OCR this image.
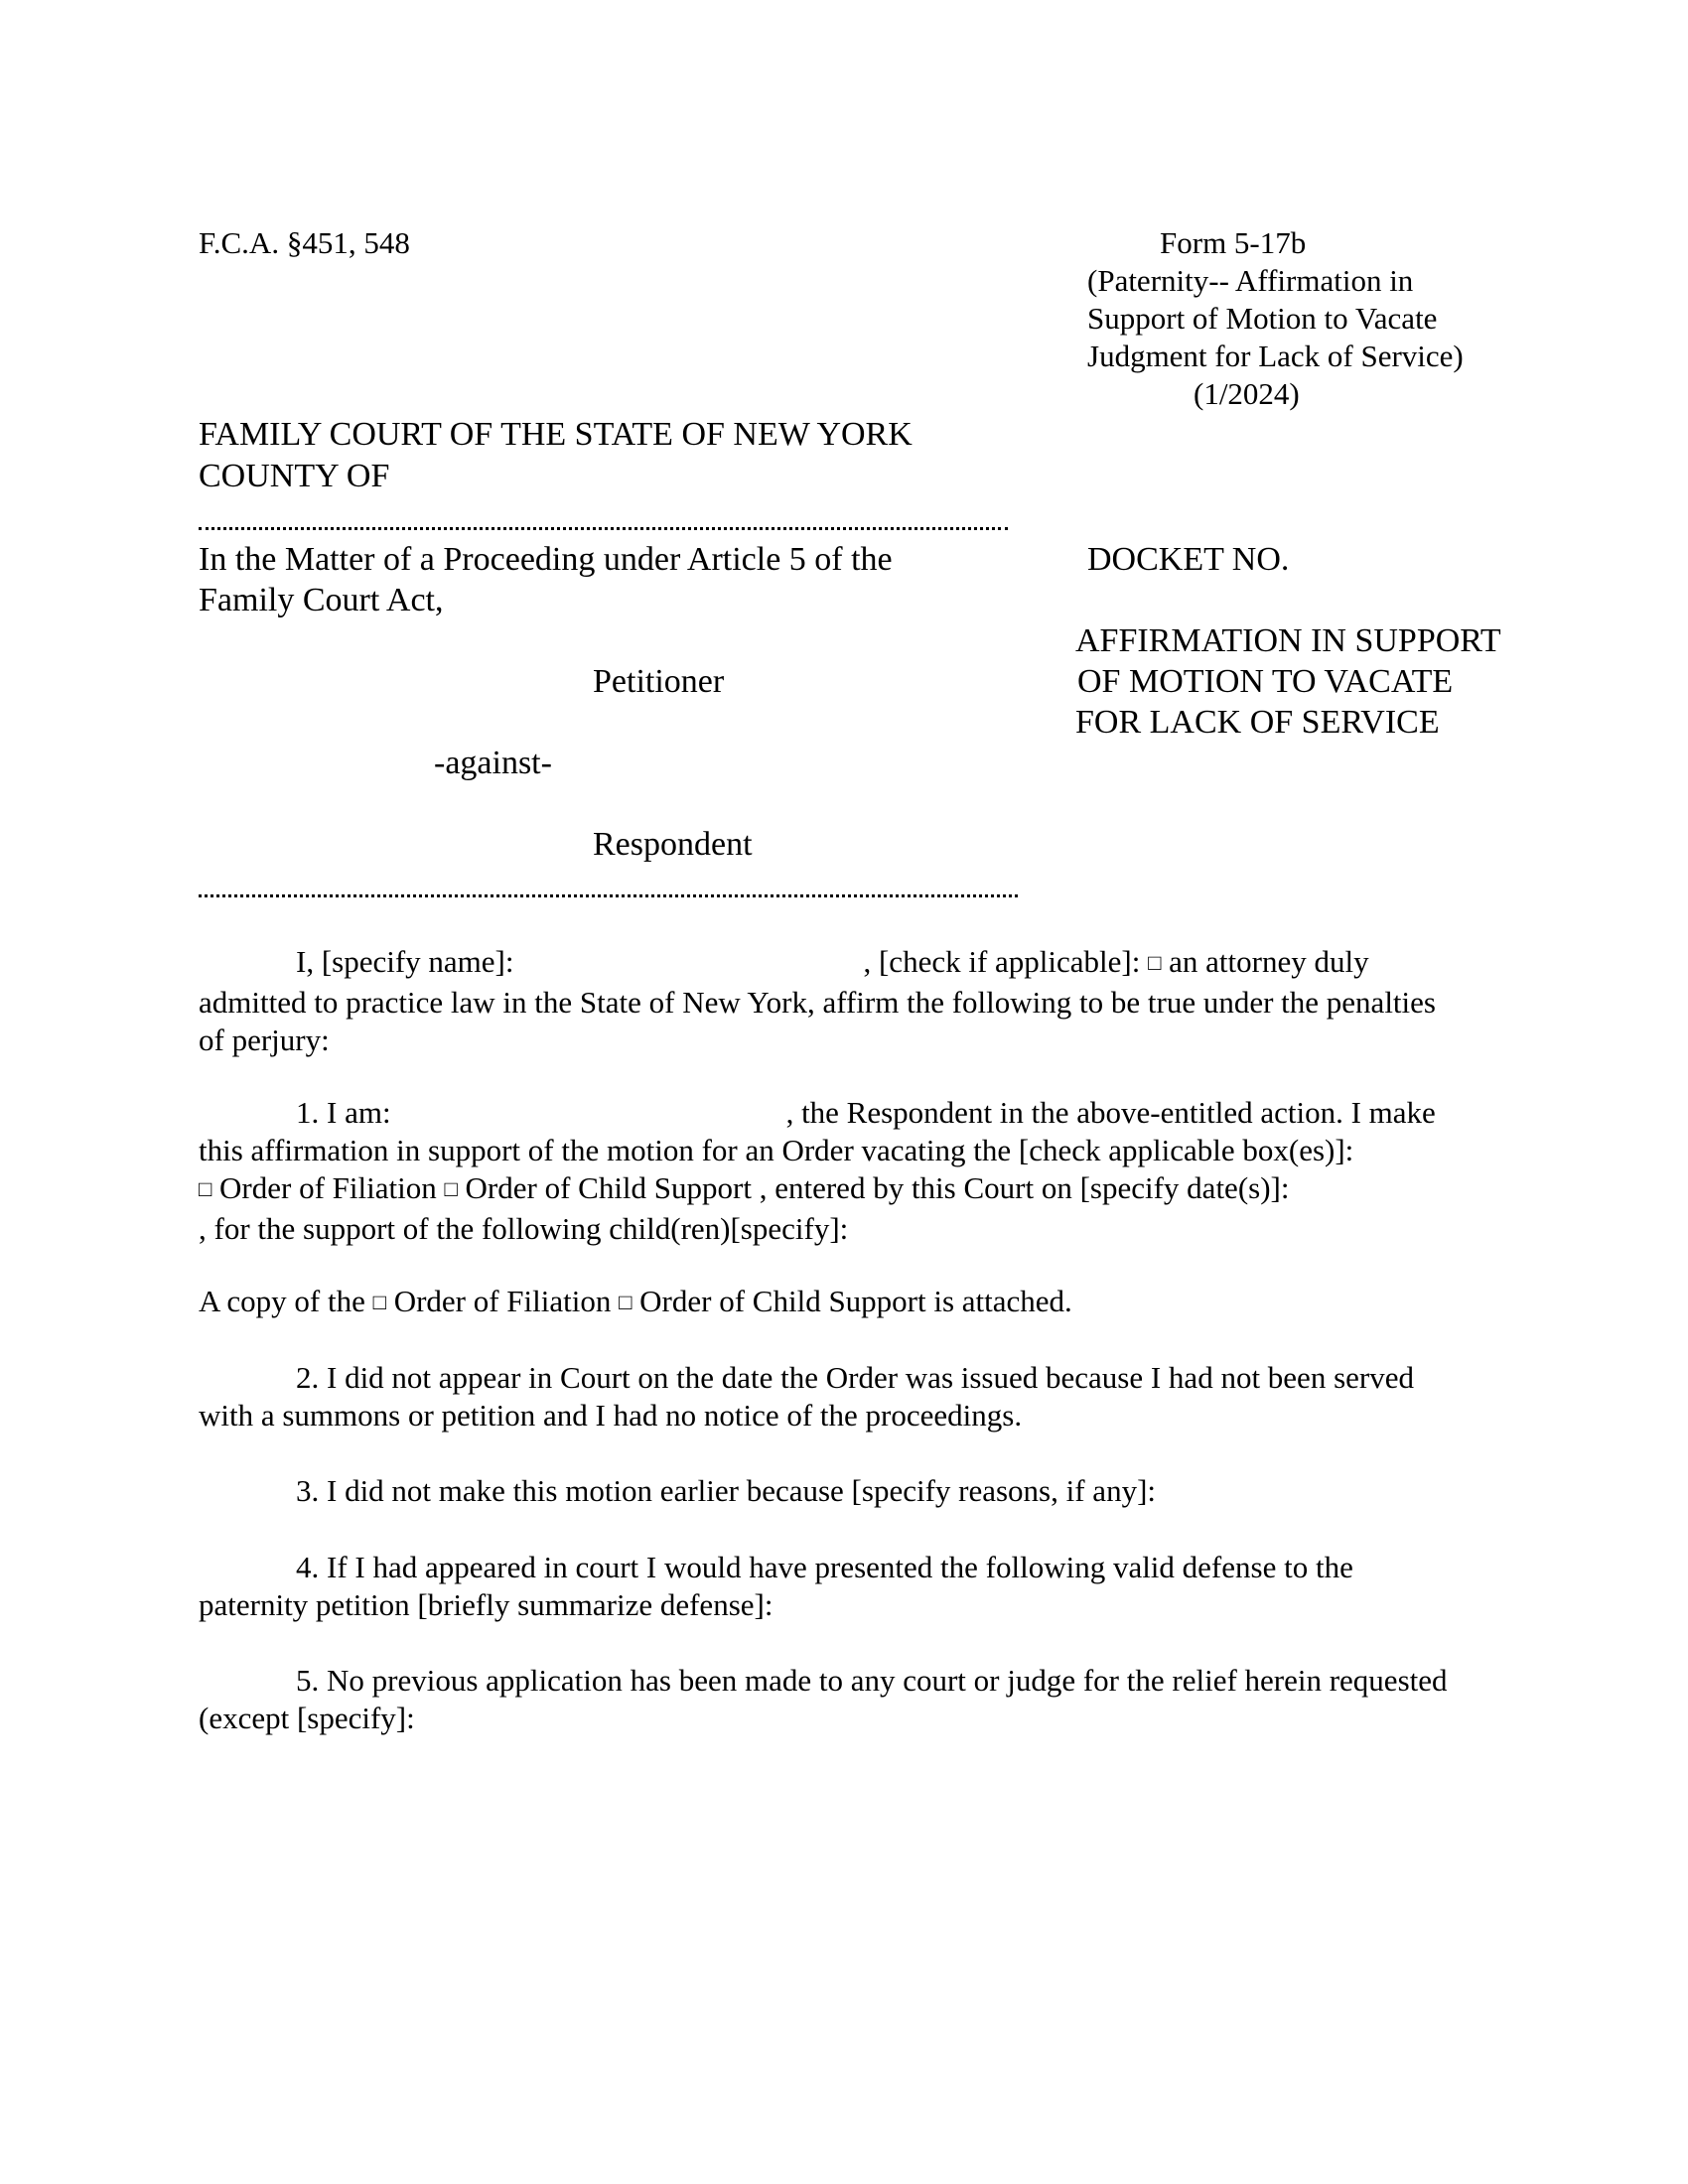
F.C.A. §451, 548	Form 5-17b
(Paternity-- Affirmation in
Support of Motion to Vacate
Judgment for Lack of Service)
(1/2024)
FAMILY COURT OF THE STATE OF NEW YORK
COUNTY OF
In the Matter of a Proceeding under Article 5 of the
Family Court Act,
DOCKET NO.
AFFIRMATION IN SUPPORT
OF MOTION TO VACATE
FOR LACK OF SERVICE
Petitioner
-against-
Respondent
I, [specify name]:	, [check if applicable]: □ an attorney duly
admitted to practice law in the State of New York, affirm the following to be true under the penalties
of perjury:
1. I am:	, the Respondent in the above-entitled action. I make
this affirmation in support of the motion for an Order vacating the [check applicable box(es)]:
□ Order of Filiation □ Order of Child Support , entered by this Court on [specify date(s)]:
, for the support of the following child(ren)[specify]:
A copy of the □ Order of Filiation □ Order of Child Support is attached.
2. I did not appear in Court on the date the Order was issued because I had not been served
with a summons or petition and I had no notice of the proceedings.
3. I did not make this motion earlier because [specify reasons, if any]:
4. If I had appeared in court I would have presented the following valid defense to the
paternity petition [briefly summarize defense]:
5. No previous application has been made to any court or judge for the relief herein requested
(except [specify]:
